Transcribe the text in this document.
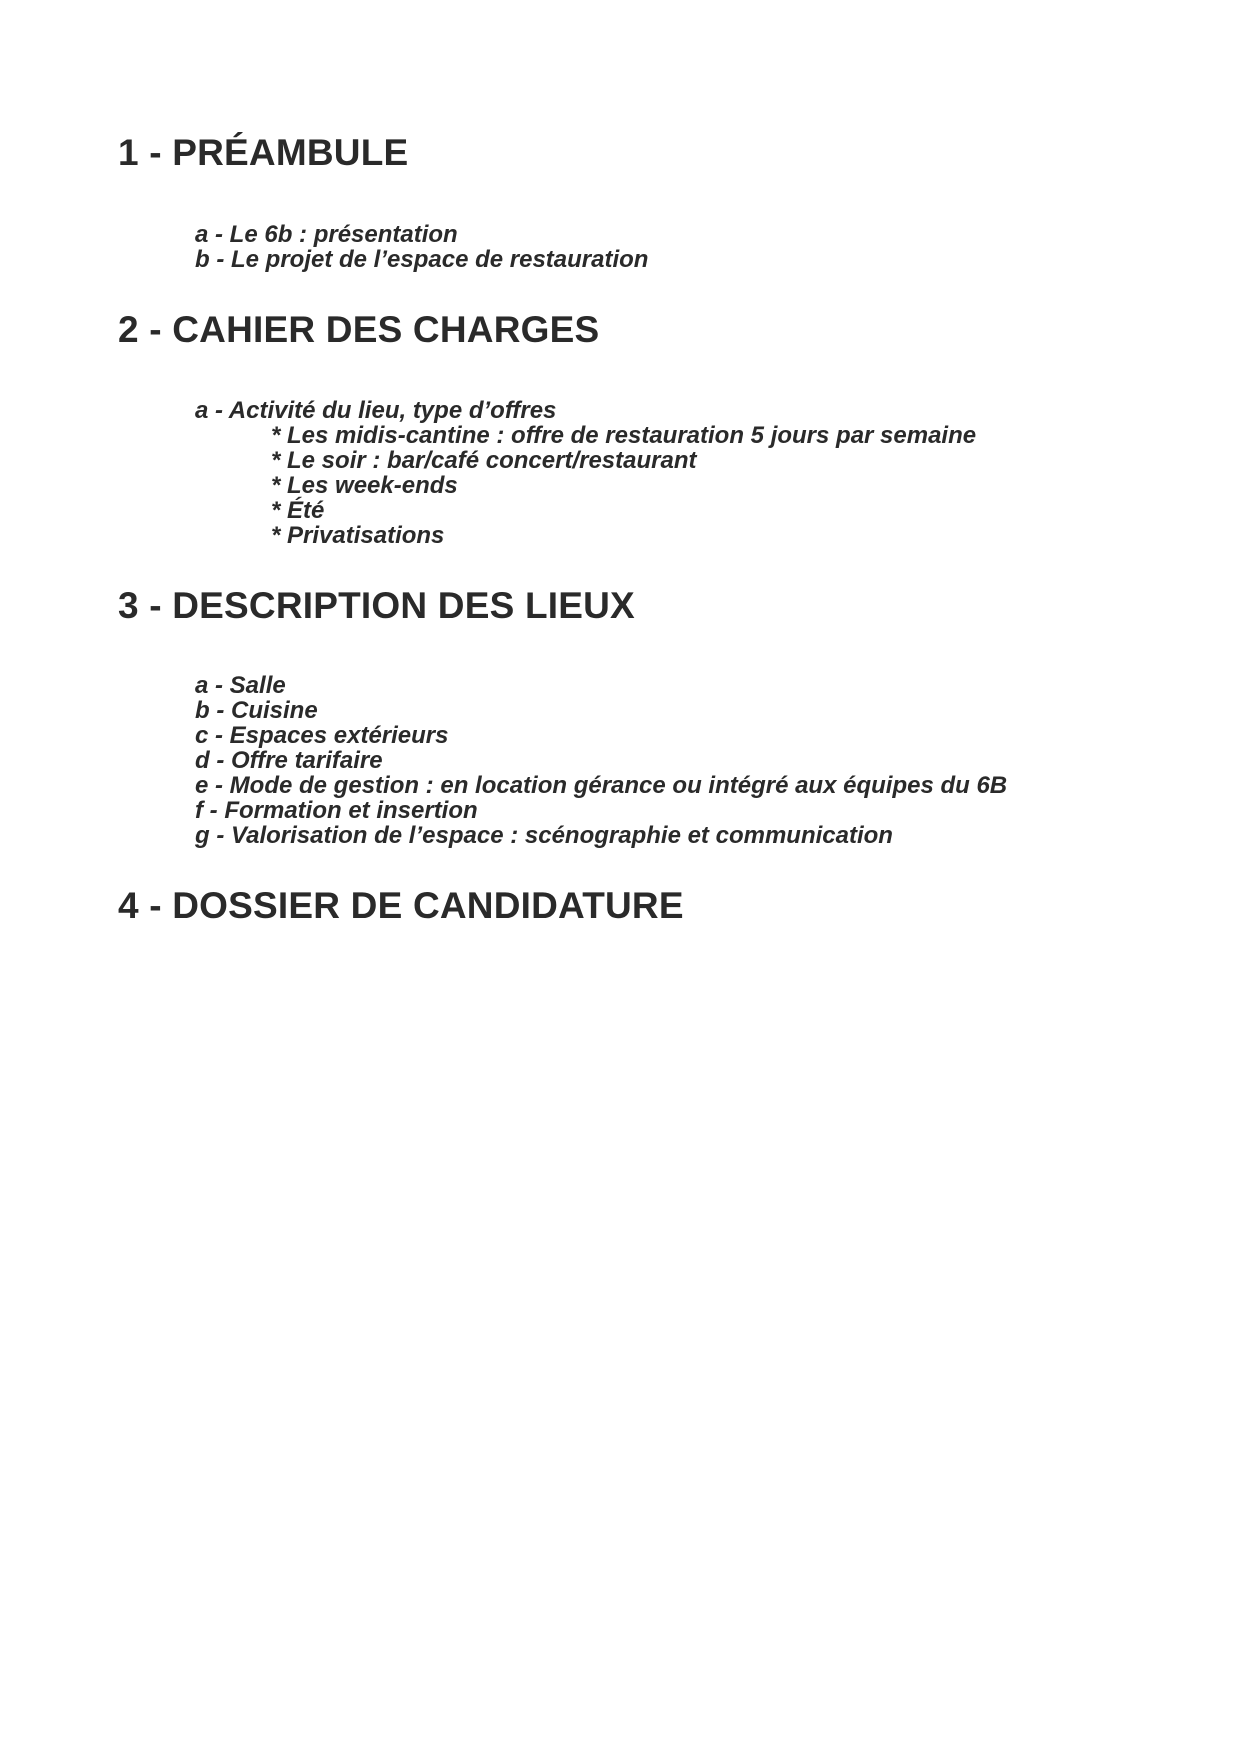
1 - PRÉAMBULE
a - Le 6b : présentation
b - Le projet de l’espace de restauration
2 - CAHIER DES CHARGES
a - Activité du lieu, type d’offres
* Les midis-cantine : offre de restauration 5 jours par semaine
* Le soir : bar/café concert/restaurant
* Les week-ends
* Été
* Privatisations
3 - DESCRIPTION DES LIEUX
a - Salle
b - Cuisine
c - Espaces extérieurs
d - Offre tarifaire
e - Mode de gestion : en location gérance ou intégré aux équipes du 6B
f - Formation et insertion
g - Valorisation de l’espace : scénographie et communication
4 - DOSSIER DE CANDIDATURE
